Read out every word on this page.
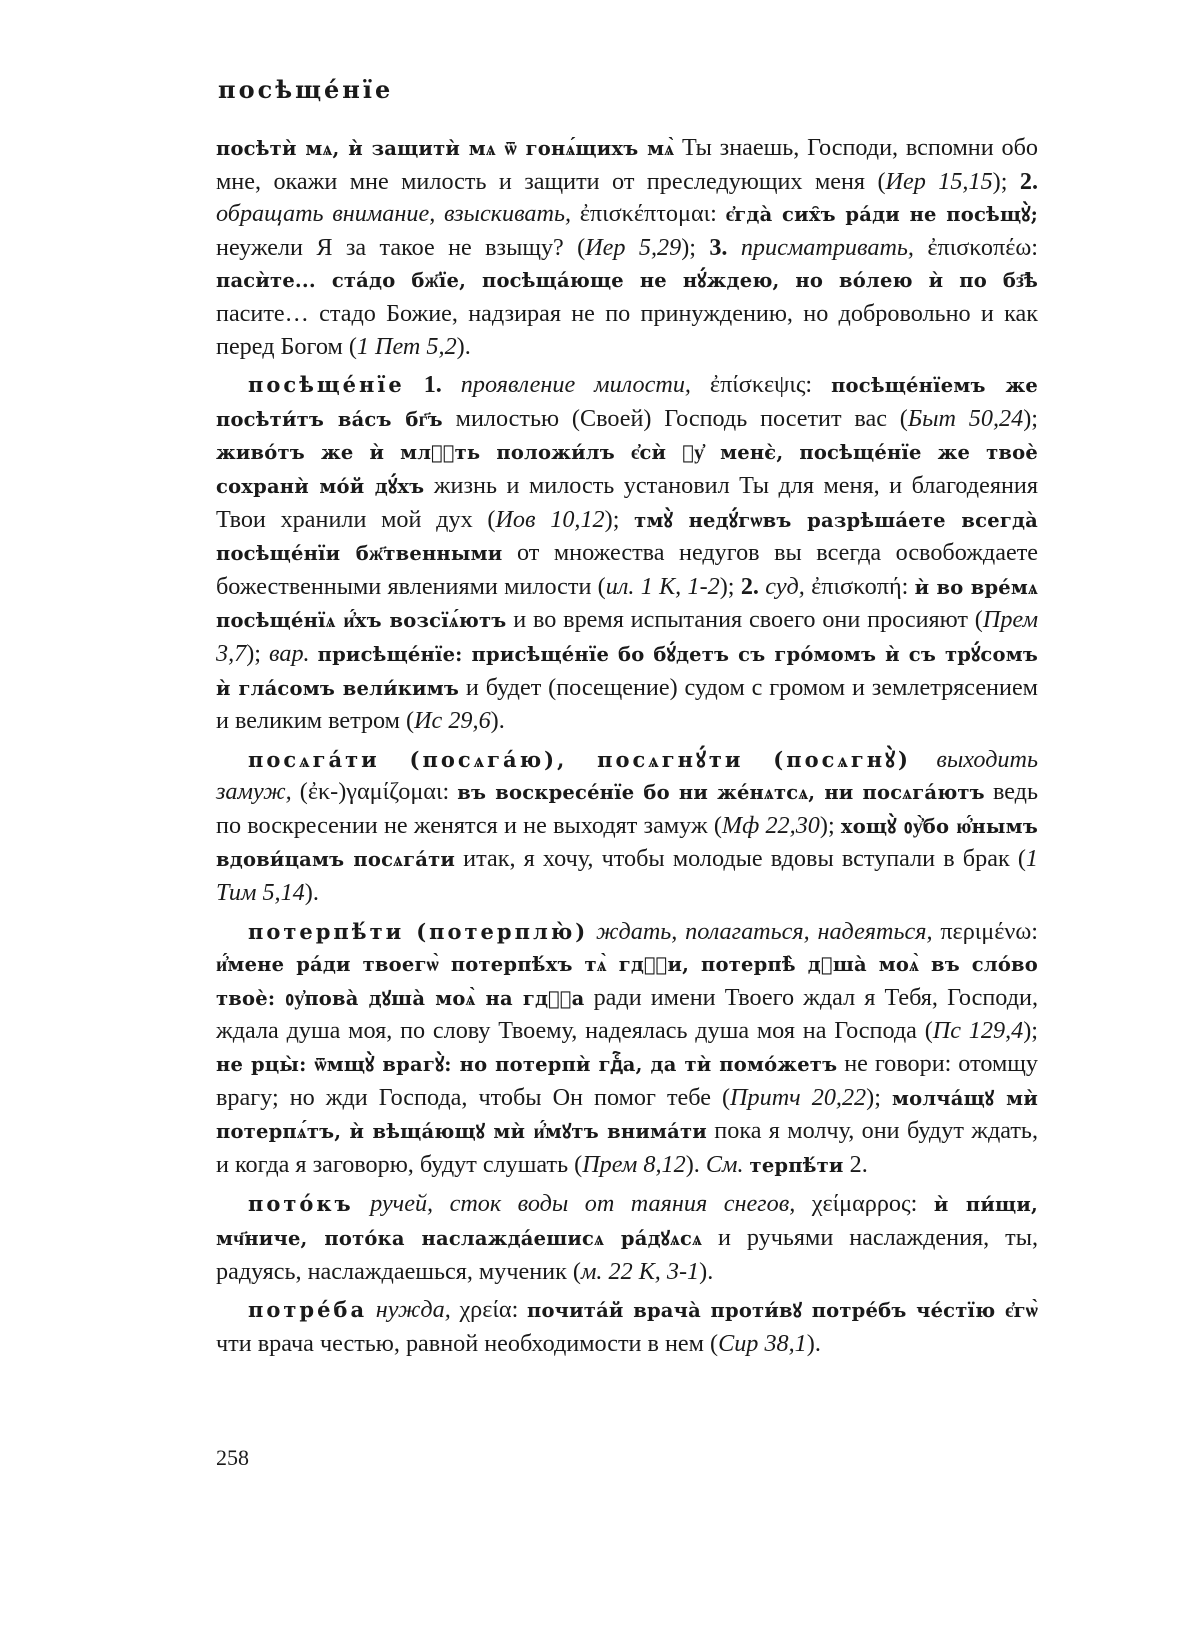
посѣщéнїе

посѣтѝ мѧ, ѝ защитѝ мѧ ѿ гонѧ́щихъ мѧ̀ Ты знаешь, Господи, вспомни обо мне, окажи мне милость и защити от преследующих меня (Иер 15,15); 2. обращать внимание, взыскивать, ἐπισκέπτομαι: є҆гдà сих̑ъ рáди не посѣщꙋ̀; неужели Я за такое не взыщу? (Иер 5,29); 3. присматривать, ἐπισκοπέω: пасѝте... стáдо бж҃їе, посѣщáюще не нꙋ́ждею, но вóлею ѝ по бз҃ѣ пасите… стадо Божие, надзирая не по принуждению, но добровольно и как перед Богом (1 Пет 5,2).

посѣщéнїе 1. проявление милости, ἐπίσκεψις: посѣщéнїемъ же посѣти́тъ вáсъ бг҃ъ милостью (Своей) Господь посетит вас (Быт 50,24); живо́тъ же ѝ млⷭ҇ть положи́лъ є҆сѝ ᲂу҆ менє̀, посѣщéнїе же твоѐ сохранѝ мо́й дꙋ́хъ жизнь и милость установил Ты для меня, и благодеяния Твои хранили мой дух (Иов 10,12); тмꙋ̀ недꙋ́гѡвъ разрѣшáете всегдà посѣщéнїи бж҃твенными от множества недугов вы всегда освобождаете божественными явлениями милости (ил. 1 К, 1-2); 2. суд, ἐπισκοπή: ѝ во врéмѧ посѣщéнїѧ и҆́хъ возсїѧ́ютъ и во время испытания своего они просияют (Прем 3,7); вар. присѣщéнїе: присѣщéнїе бо бꙋ́детъ съ грóмомъ ѝ съ трꙋ́сомъ ѝ глáсомъ вели́кимъ и будет (посещение) судом с громом и землетрясением и великим ветром (Ис 29,6).

посѧгáти (посѧгáю), посѧгнꙋ́ти (посѧгнꙋ̀) выходить замуж, (ἐκ-)γαμίζομαι: въ воскресéнїе бо ни жéнѧтсѧ, ни посѧгáютъ ведь по воскресении не женятся и не выходят замуж (Мф 22,30); хощꙋ̀ ᲂу҆̀бо ю҆́нымъ вдови́цамъ посѧгáти итак, я хочу, чтобы молодые вдовы вступали в брак (1 Тим 5,14).

потерпѣ́ти (потерплю̀) ждать, полагаться, надеяться, περιμένω: и҆́мене рáди твоегѡ̀ потерпѣ́хъ тѧ̀ гдⷭ҇и, потерпѣ̀ дꙋшà моѧ̀ въ слóво твоѐ: ᲂу҆повà дꙋшà моѧ̀ на гдⷭ҇а ради имени Твоего ждал я Тебя, Господи, ждала душа моя, по слову Твоему, надеялась душа моя на Господа (Пс 129,4); не рцы̀: ѿмщꙋ̀ врагꙋ̀: но потерпѝ гдⷭ҇а, да тѝ помо́жетъ не говори: отомщу врагу; но жди Господа, чтобы Он помог тебе (Притч 20,22); молчáщꙋ мѝ потерпѧ́тъ, ѝ вѣщáющꙋ мѝ и҆́мꙋтъ внимáти пока я молчу, они будут ждать, и когда я заговорю, будут слушать (Прем 8,12). См. терпѣ́ти 2.

пото́къ ручей, сток воды от таяния снегов, χείμαρρος: ѝ пи́щи, мч҃ниче, пото́ка наслаждáешисѧ рáдꙋѧсѧ и ручьями наслаждения, ты, радуясь, наслаждаешься, мученик (м. 22 К, 3-1).

потрéба нужда, χρεία: почитáй врачà проти́вꙋ потрéбъ чéстїю є҆гѡ̀ чти врача честью, равной необходимости в нем (Сир 38,1).

258
